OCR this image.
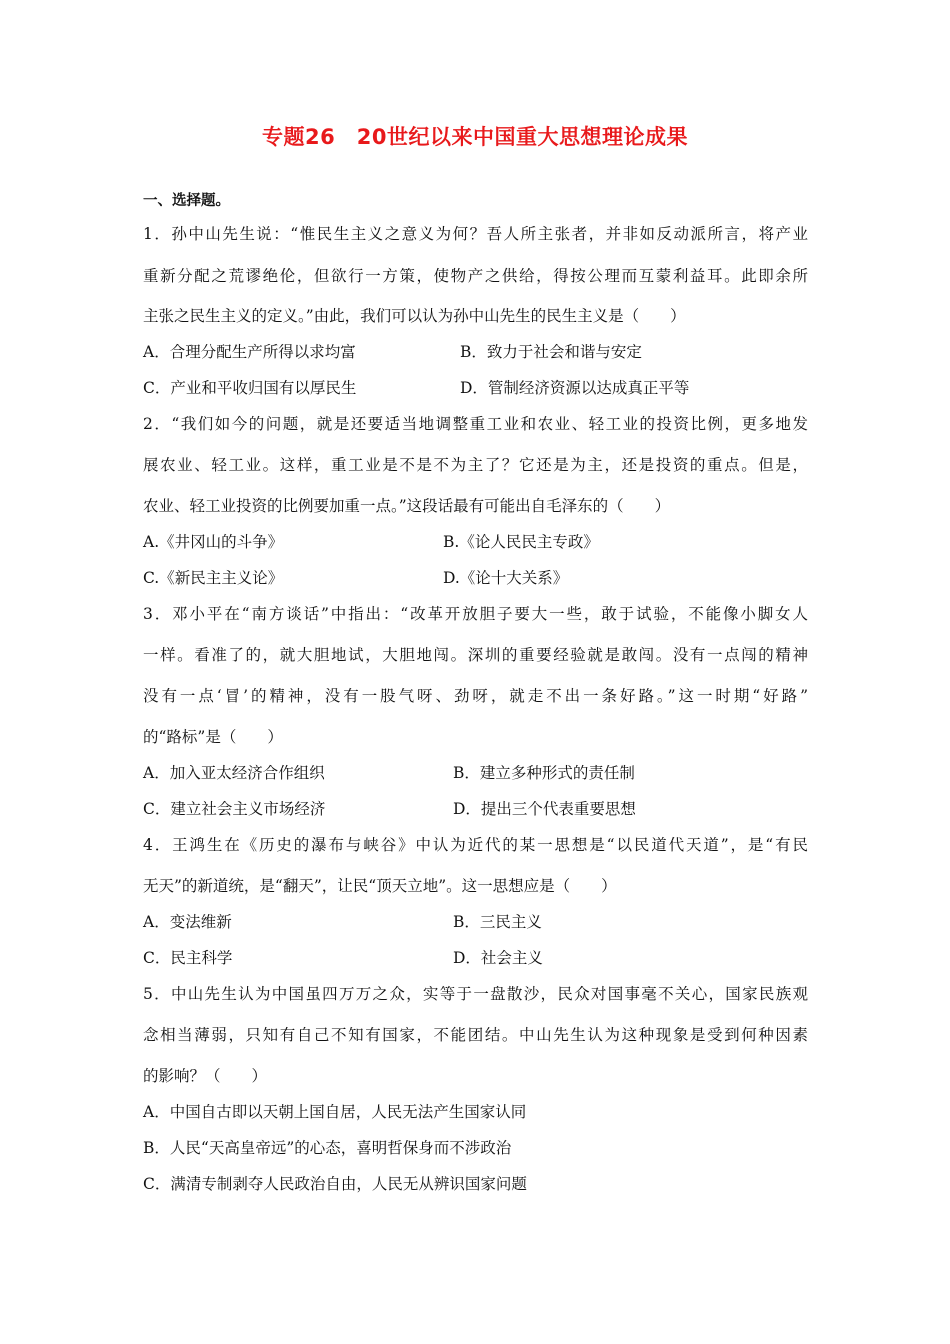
专题26　20世纪以来中国重大思想理论成果
一、选择题。
1．孙中山先生说：“惟民生主义之意义为何？吾人所主张者，并非如反动派所言，将产业
重新分配之荒谬绝伦，但欲行一方策，使物产之供给，得按公理而互蒙利益耳。此即余所
主张之民生主义的定义。”由此，我们可以认为孙中山先生的民生主义是（　　）
A．合理分配生产所得以求均富	B．致力于社会和谐与安定
C．产业和平收归国有以厚民生	D．管制经济资源以达成真正平等
2．“我们如今的问题，就是还要适当地调整重工业和农业、轻工业的投资比例，更多地发
展农业、轻工业。这样，重工业是不是不为主了？它还是为主，还是投资的重点。但是，
农业、轻工业投资的比例要加重一点。”这段话最有可能出自毛泽东的（　　）
A.《井冈山的斗争》	B.《论人民民主专政》
C.《新民主主义论》	D.《论十大关系》
3．邓小平在“南方谈话”中指出：“改革开放胆子要大一些，敢于试验，不能像小脚女人
一样。看准了的，就大胆地试，大胆地闯。深圳的重要经验就是敢闯。没有一点闯的精神
没有一点‘冒’的精神，没有一股气呀、劲呀，就走不出一条好路。”这一时期“好路”
的“路标”是（　　）
A．加入亚太经济合作组织	B．建立多种形式的责任制
C．建立社会主义市场经济	D．提出三个代表重要思想
4．王鸿生在《历史的瀑布与峡谷》中认为近代的某一思想是“以民道代天道”，是“有民
无天”的新道统，是“翻天”，让民“顶天立地”。这一思想应是（　　）
A．变法维新	B．三民主义
C．民主科学	D．社会主义
5．中山先生认为中国虽四万万之众，实等于一盘散沙，民众对国事毫不关心，国家民族观
念相当薄弱，只知有自己不知有国家，不能团结。中山先生认为这种现象是受到何种因素
的影响？（　　）
A．中国自古即以天朝上国自居，人民无法产生国家认同
B．人民“天高皇帝远”的心态，喜明哲保身而不涉政治
C．满清专制剥夺人民政治自由，人民无从辨识国家问题
